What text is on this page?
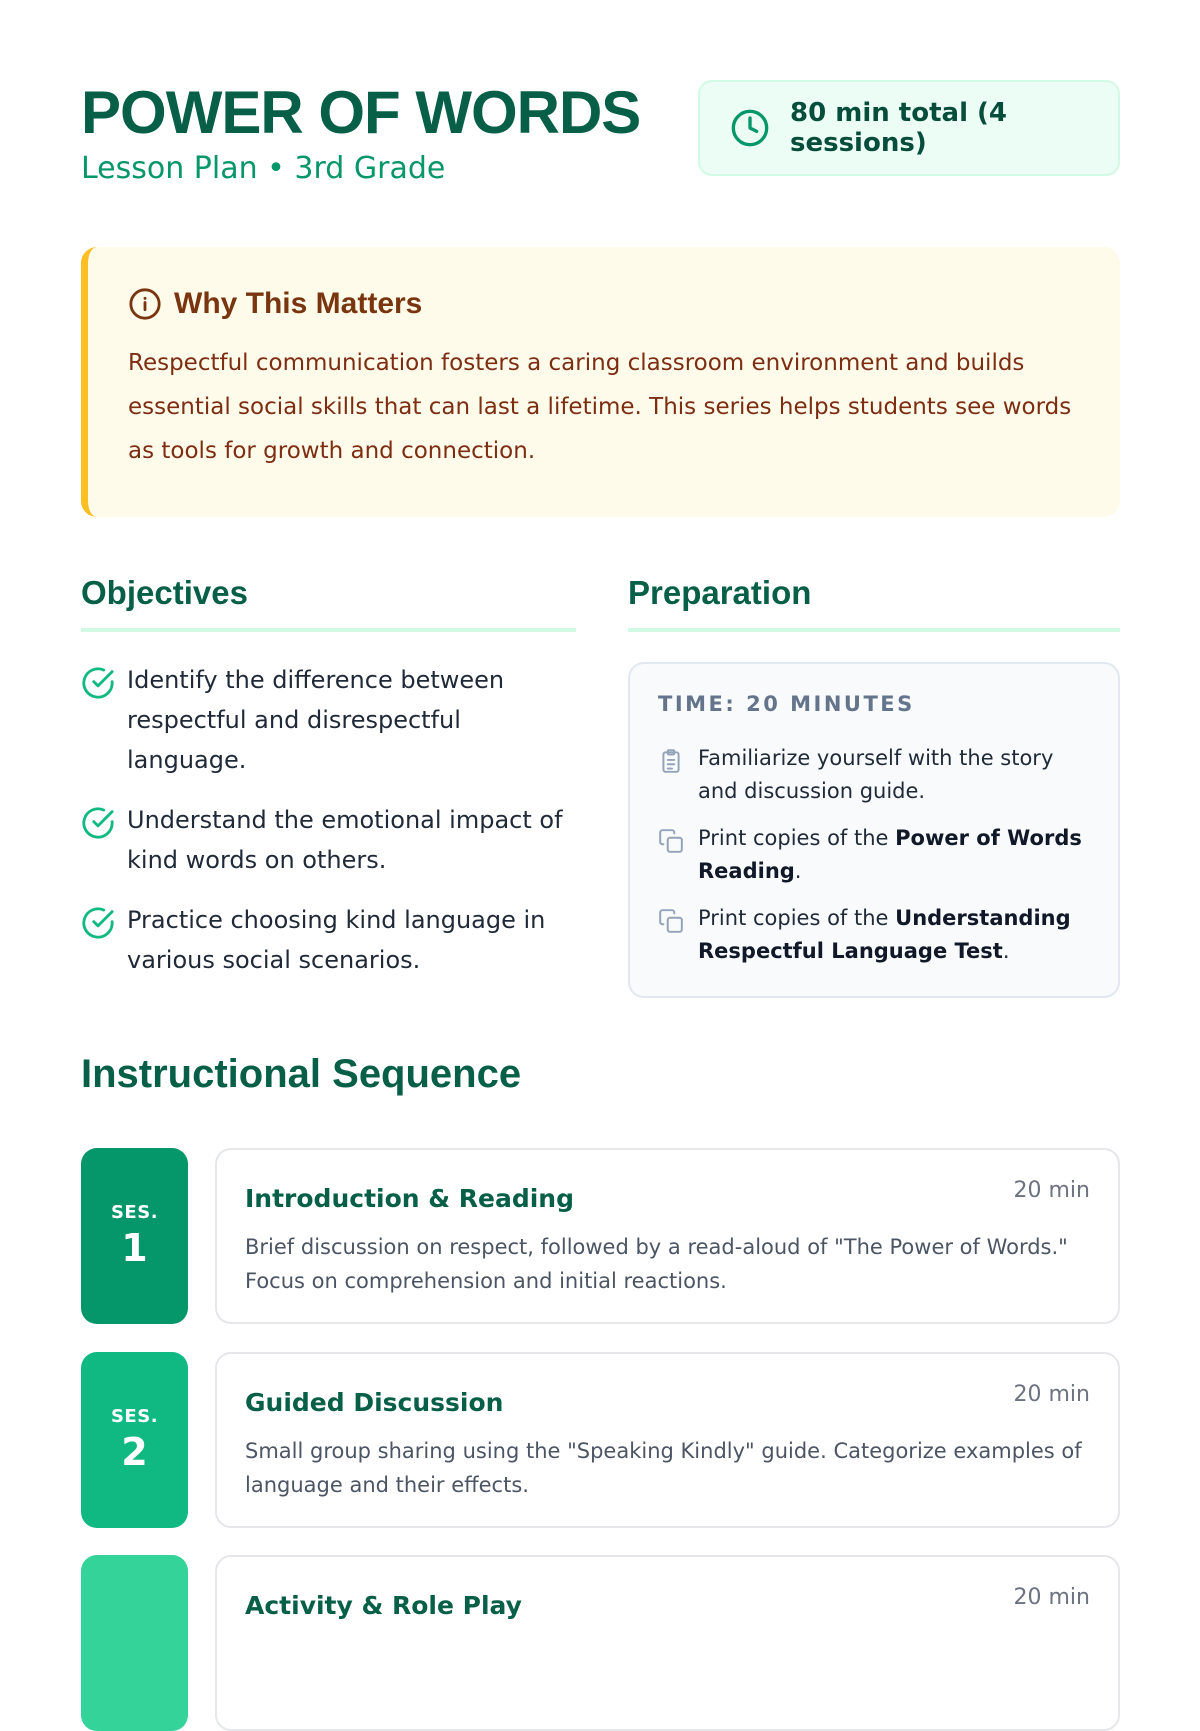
POWER OF WORDS
Lesson Plan • 3rd Grade
80 min total (4 sessions)
Why This Matters

Respectful communication fosters a caring classroom environment and builds essential social skills that can last a lifetime. This series helps students see words as tools for growth and connection.

Objectives
Identify the difference between respectful and disrespectful language.
Understand the emotional impact of kind words on others.
Practice choosing kind language in various social scenarios.
Preparation

TIME: 20 MINUTES

Familiarize yourself with the story and discussion guide.
Print copies of the Power of Words Reading.
Print copies of the Understanding Respectful Language Test.
Instructional Sequence
SES.
1
Introduction & Reading	20 min

Brief discussion on respect, followed by a read-aloud of "The Power of Words." Focus on comprehension and initial reactions.

SES.
2
Guided Discussion	20 min

Small group sharing using the "Speaking Kindly" guide. Categorize examples of language and their effects.

Activity & Role Play	20 min
